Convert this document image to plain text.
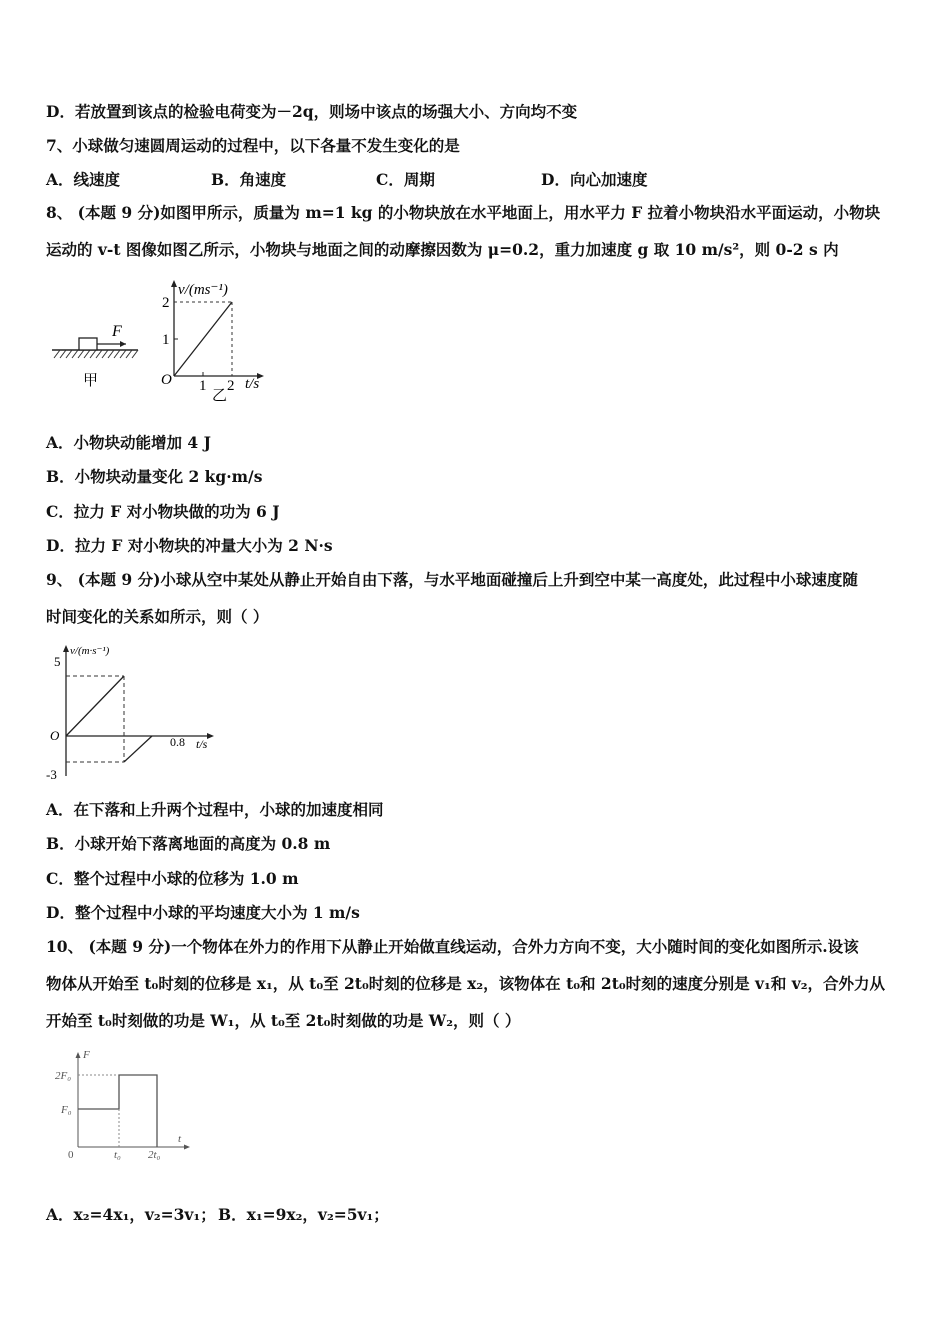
D．若放置到该点的检验电荷变为－2q，则场中该点的场强大小、方向均不变
7、小球做匀速圆周运动的过程中，以下各量不发生变化的是
A．线速度	B．角速度	C．周期	D．向心加速度
8、 (本题 9 分)如图甲所示，质量为 m=1 kg 的小物块放在水平地面上，用水平力 F 拉着小物块沿水平面运动，小物块
运动的 v-t 图像如图乙所示，小物块与地面之间的动摩擦因数为 μ=0.2，重力加速度 g 取 10 m/s²，则 0-2 s 内
F
甲
v/(ms⁻¹)
2
1
O 1 2 t/s
乙
A．小物块动能增加 4 J
B．小物块动量变化 2 kg·m/s
C．拉力 F 对小物块做的功为 6 J
D．拉力 F 对小物块的冲量大小为 2 N·s
9、 (本题 9 分)小球从空中某处从静止开始自由下落，与水平地面碰撞后上升到空中某一高度处，此过程中小球速度随
时间变化的关系如所示，则（ ）
v/(m·s⁻¹)
5
O
-3
0.8 t/s
A．在下落和上升两个过程中，小球的加速度相同
B．小球开始下落离地面的高度为 0.8 m
C．整个过程中小球的位移为 1.0 m
D．整个过程中小球的平均速度大小为 1 m/s
10、 (本题 9 分)一个物体在外力的作用下从静止开始做直线运动，合外力方向不变，大小随时间的变化如图所示.设该
物体从开始至 t₀时刻的位移是 x₁，从 t₀至 2t₀时刻的位移是 x₂，该物体在 t₀和 2t₀时刻的速度分别是 v₁和 v₂，合外力从
开始至 t₀时刻做的功是 W₁，从 t₀至 2t₀时刻做的功是 W₂，则（ ）
F
2F₀
F₀
0	t₀ 2t₀
t
A．x₂=4x₁，v₂=3v₁； B．x₁=9x₂，v₂=5v₁；
